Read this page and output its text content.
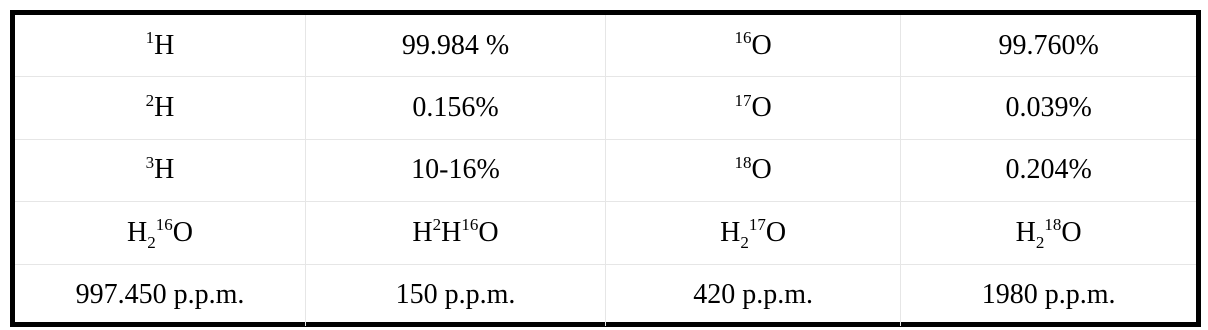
$^1$H	99.984 %	$^{16}$O	99.760%
$^2$H	0.156%	$^{17}$O	0.039%
$^3$H	10-16%	$^{18}$O	0.204%
$H_2^{16}O$	$H^2H^{16}O$	$H_2^{17}O$	$H_2^{18}O$
997.450 p.p.m.	150 p.p.m.	420 p.p.m.	1980 p.p.m.
